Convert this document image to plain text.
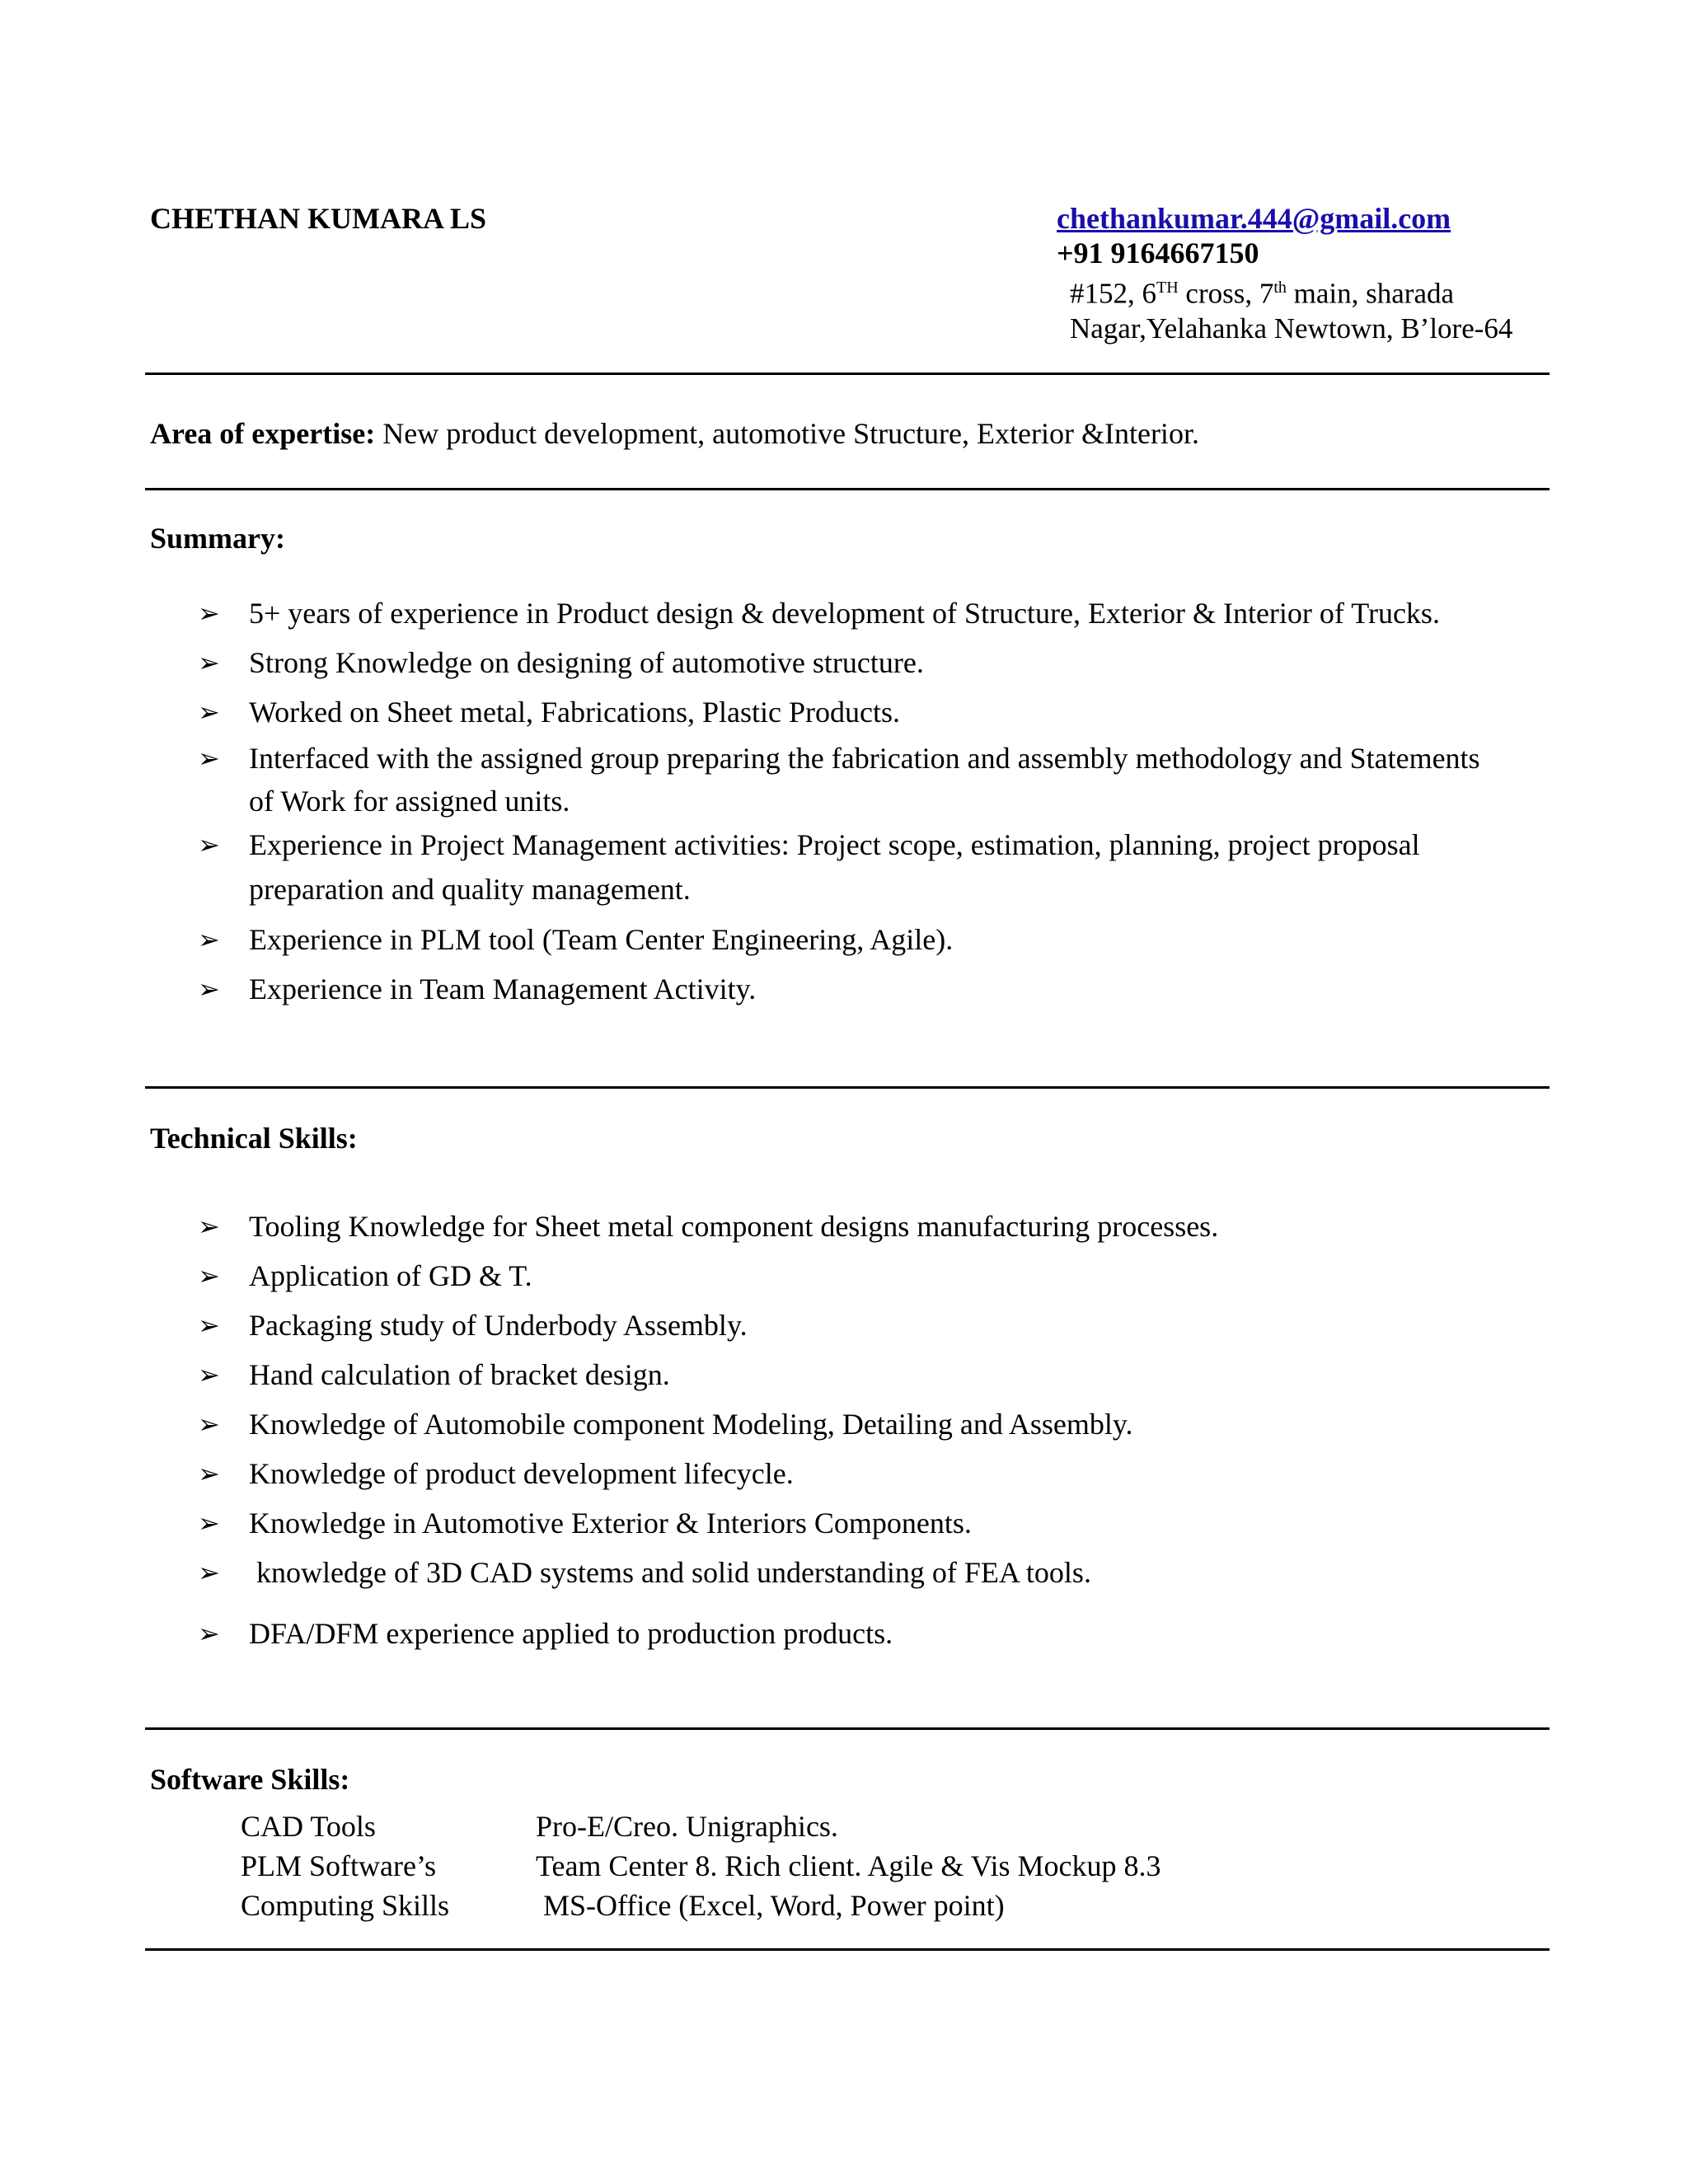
CHETHAN KUMARA LS	chethankumar.444@gmail.com
+91 9164667150
#152, 6TH cross, 7th main, sharada
Nagar,Yelahanka Newtown, B’lore-64
Area of expertise: New product development, automotive Structure, Exterior &Interior.
Summary:
➢ 5+ years of experience in Product design & development of Structure, Exterior & Interior of Trucks.
➢ Strong Knowledge on designing of automotive structure.
➢ Worked on Sheet metal, Fabrications, Plastic Products.
➢ Interfaced with the assigned group preparing the fabrication and assembly methodology and Statements of Work for assigned units.
➢ Experience in Project Management activities: Project scope, estimation, planning, project proposal preparation and quality management.
➢ Experience in PLM tool (Team Center Engineering, Agile).
➢ Experience in Team Management Activity.
Technical Skills:
➢ Tooling Knowledge for Sheet metal component designs manufacturing processes.
➢ Application of GD & T.
➢ Packaging study of Underbody Assembly.
➢ Hand calculation of bracket design.
➢ Knowledge of Automobile component Modeling, Detailing and Assembly.
➢ Knowledge of product development lifecycle.
➢ Knowledge in Automotive Exterior & Interiors Components.
➢ knowledge of 3D CAD systems and solid understanding of FEA tools.
➢ DFA/DFM experience applied to production products.
Software Skills:
CAD Tools	Pro-E/Creo. Unigraphics.
PLM Software’s	Team Center 8. Rich client. Agile & Vis Mockup 8.3
Computing Skills	MS-Office (Excel, Word, Power point)
